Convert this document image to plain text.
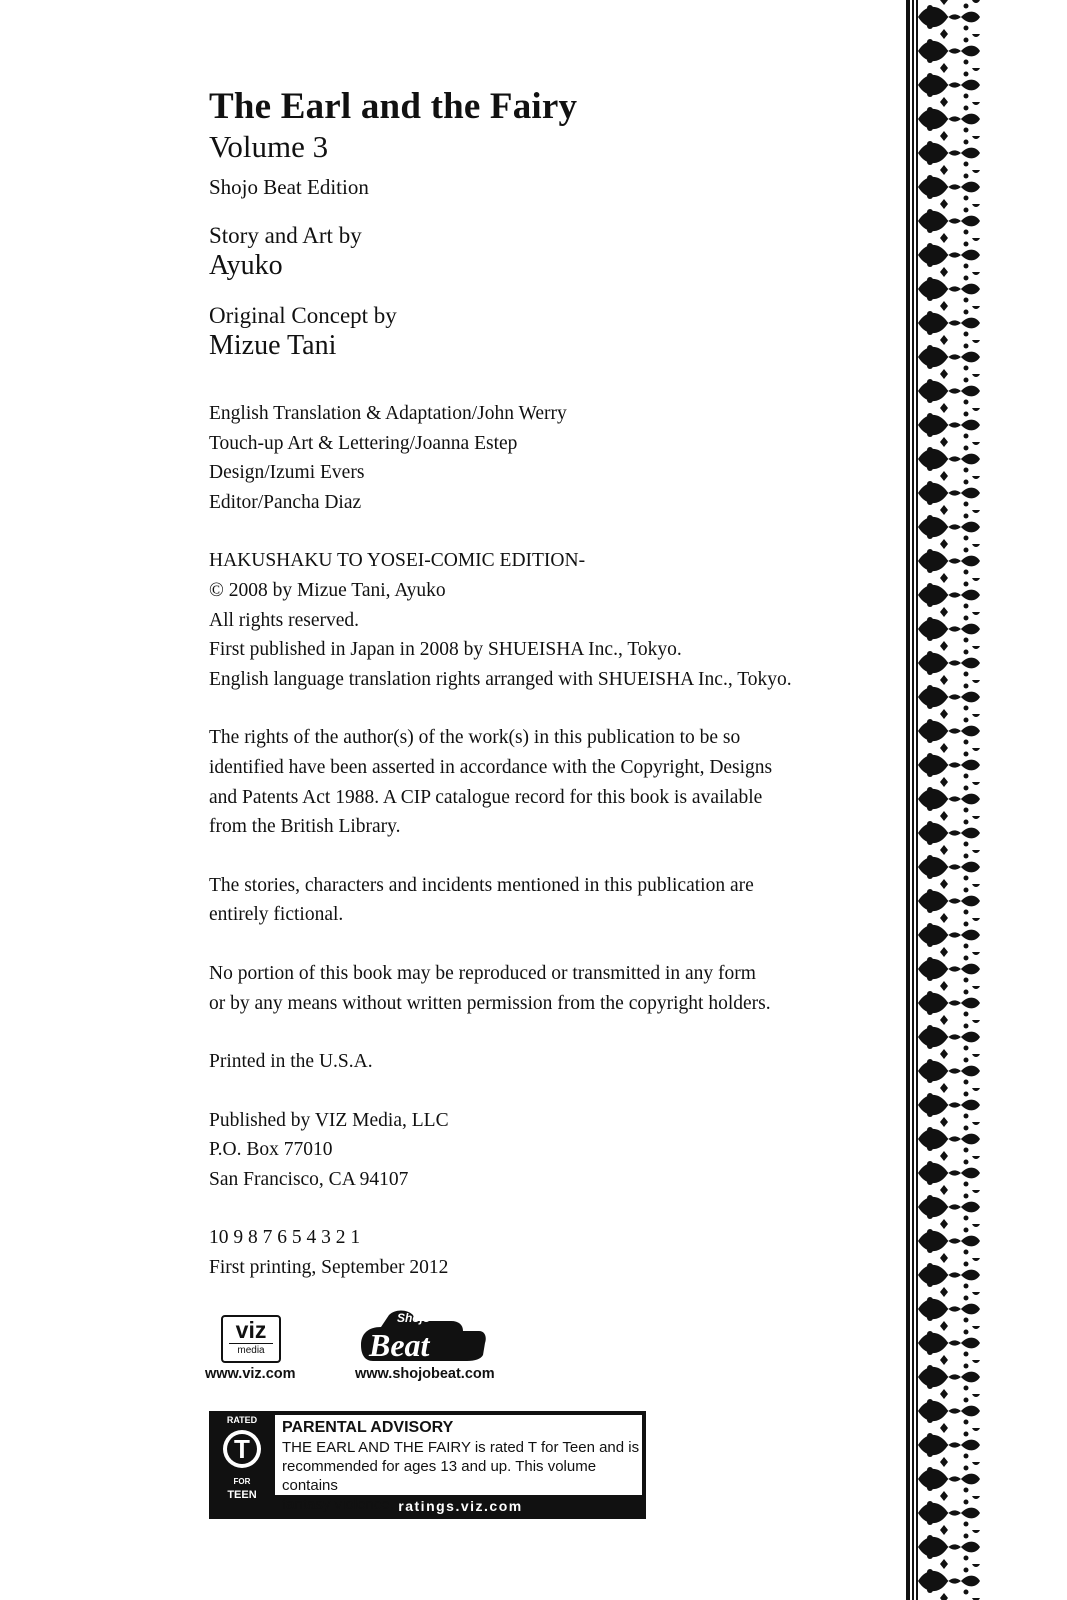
The Earl and the Fairy
Volume 3
Shojo Beat Edition
Story and Art by
Ayuko
Original Concept by
Mizue Tani
English Translation & Adaptation/John Werry
Touch-up Art & Lettering/Joanna Estep
Design/Izumi Evers
Editor/Pancha Diaz
HAKUSHAKU TO YOSEI-COMIC EDITION-
© 2008 by Mizue Tani, Ayuko
All rights reserved.
First published in Japan in 2008 by SHUEISHA Inc., Tokyo.
English language translation rights arranged with SHUEISHA Inc., Tokyo.
The rights of the author(s) of the work(s) in this publication to be so
identified have been asserted in accordance with the Copyright, Designs
and Patents Act 1988. A CIP catalogue record for this book is available
from the British Library.
The stories, characters and incidents mentioned in this publication are
entirely fictional.
No portion of this book may be reproduced or transmitted in any form
or by any means without written permission from the copyright holders.
Printed in the U.S.A.
Published by VIZ Media, LLC
P.O. Box 77010
San Francisco, CA 94107
10 9 8 7 6 5 4 3 2 1
First printing, September 2012
viz
media
www.viz.com
Shojo
Beat
www.shojobeat.com
RATED
T
FOR
TEEN
PARENTAL ADVISORY
THE EARL AND THE FAIRY is rated T for Teen and is
recommended for ages 13 and up. This volume contains
fantasy violence. ratings.viz.com
